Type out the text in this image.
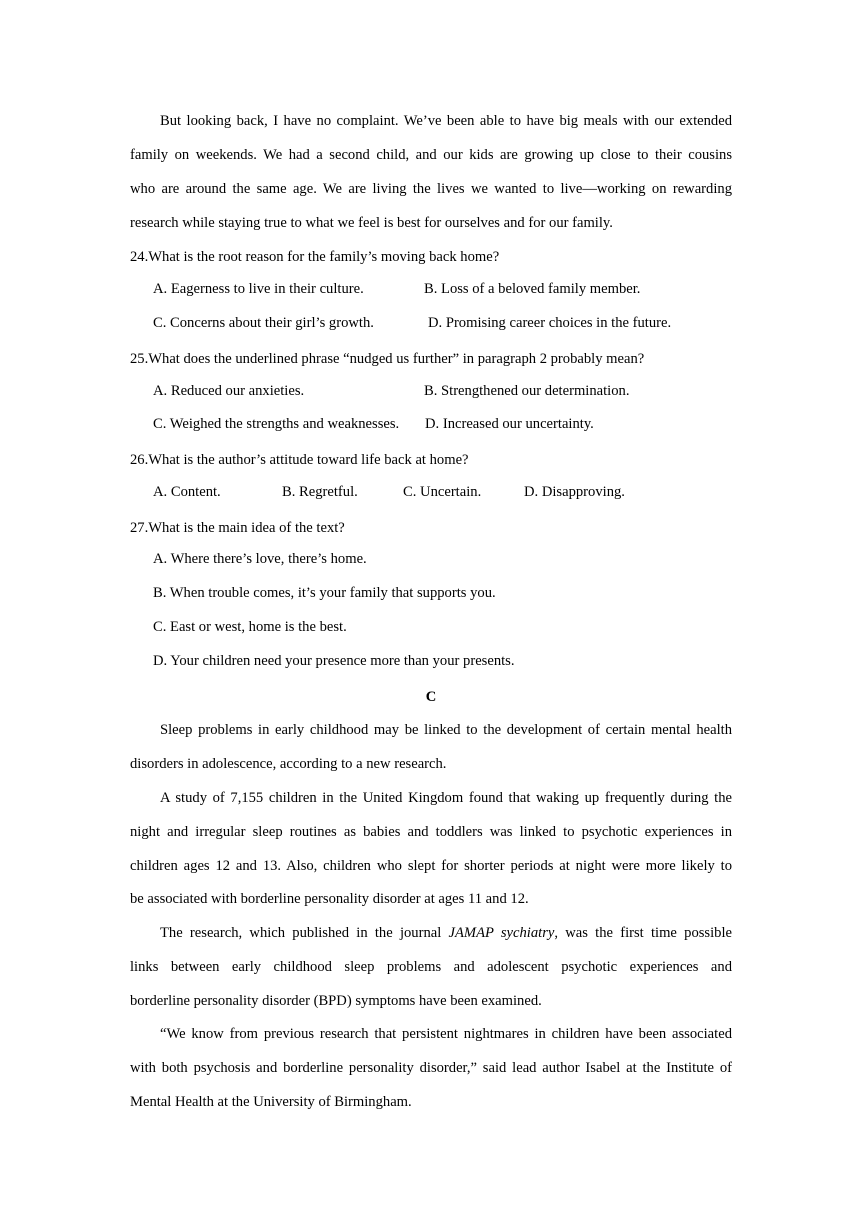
But looking back, I have no complaint. We’ve been able to have big meals with our extended
family on weekends. We had a second child, and our kids are growing up close to their cousins
who are around the same age. We are living the lives we wanted to live—working on rewarding
research while staying true to what we feel is best for ourselves and for our family.
24.What is the root reason for the family’s moving back home?
A. Eagerness to live in their culture.	B. Loss of a beloved family member.
C. Concerns about their girl’s growth.	D. Promising career choices in the future.
25.What does the underlined phrase “nudged us further” in paragraph 2 probably mean?
A. Reduced our anxieties.	B. Strengthened our determination.
C. Weighed the strengths and weaknesses. D. Increased our uncertainty.
26.What is the author’s attitude toward life back at home?
A. Content.	B. Regretful.	C. Uncertain.	D. Disapproving.
27.What is the main idea of the text?
A. Where there’s love, there’s home.
B. When trouble comes, it’s your family that supports you.
C. East or west, home is the best.
D. Your children need your presence more than your presents.
C
Sleep problems in early childhood may be linked to the development of certain mental health
disorders in adolescence, according to a new research.
A study of 7,155 children in the United Kingdom found that waking up frequently during the
night and irregular sleep routines as babies and toddlers was linked to psychotic experiences in
children ages 12 and 13. Also, children who slept for shorter periods at night were more likely to
be associated with borderline personality disorder at ages 11 and 12.
The research, which published in the journal JAMAP sychiatry, was the first time possible
links between early childhood sleep problems and adolescent psychotic experiences and
borderline personality disorder (BPD) symptoms have been examined.
“We know from previous research that persistent nightmares in children have been associated
with both psychosis and borderline personality disorder,” said lead author Isabel at the Institute of
Mental Health at the University of Birmingham.
